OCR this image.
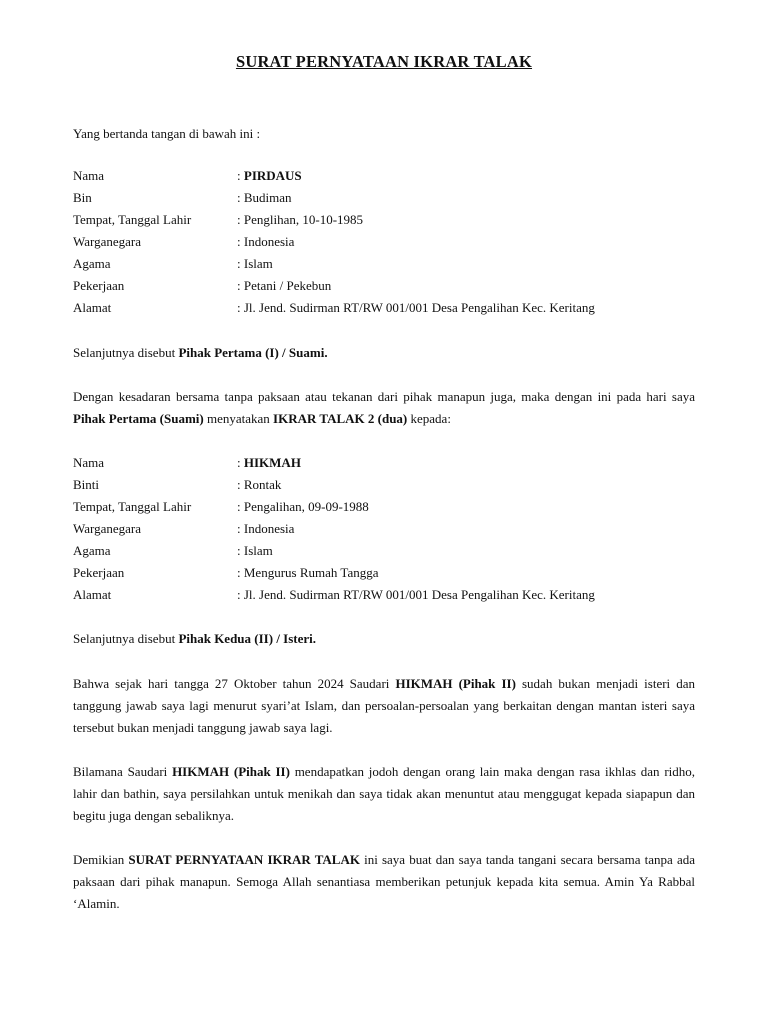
SURAT PERNYATAAN IKRAR TALAK
Yang bertanda tangan di bawah ini :
Nama	: PIRDAUS
Bin	: Budiman
Tempat, Tanggal Lahir	: Penglihan, 10-10-1985
Warganegara	: Indonesia
Agama	: Islam
Pekerjaan	: Petani / Pekebun
Alamat	: Jl. Jend. Sudirman RT/RW 001/001 Desa Pengalihan Kec. Keritang
Selanjutnya disebut Pihak Pertama (I) / Suami.
Dengan kesadaran bersama tanpa paksaan atau tekanan dari pihak manapun juga, maka dengan ini pada hari saya Pihak Pertama (Suami) menyatakan IKRAR TALAK 2 (dua) kepada:
Nama	: HIKMAH
Binti	: Rontak
Tempat, Tanggal Lahir	: Pengalihan, 09-09-1988
Warganegara	: Indonesia
Agama	: Islam
Pekerjaan	: Mengurus Rumah Tangga
Alamat	: Jl. Jend. Sudirman RT/RW 001/001 Desa Pengalihan Kec. Keritang
Selanjutnya disebut Pihak Kedua (II) / Isteri.
Bahwa sejak hari tangga 27 Oktober tahun 2024 Saudari HIKMAH (Pihak II) sudah bukan menjadi isteri dan tanggung jawab saya lagi menurut syari’at Islam, dan persoalan-persoalan yang berkaitan dengan mantan isteri saya tersebut bukan menjadi tanggung jawab saya lagi.
Bilamana Saudari HIKMAH (Pihak II) mendapatkan jodoh dengan orang lain maka dengan rasa ikhlas dan ridho, lahir dan bathin, saya persilahkan untuk menikah dan saya tidak akan menuntut atau menggugat kepada siapapun dan begitu juga dengan sebaliknya.
Demikian SURAT PERNYATAAN IKRAR TALAK ini saya buat dan saya tanda tangani secara bersama tanpa ada paksaan dari pihak manapun. Semoga Allah senantiasa memberikan petunjuk kepada kita semua. Amin Ya Rabbal ‘Alamin.
